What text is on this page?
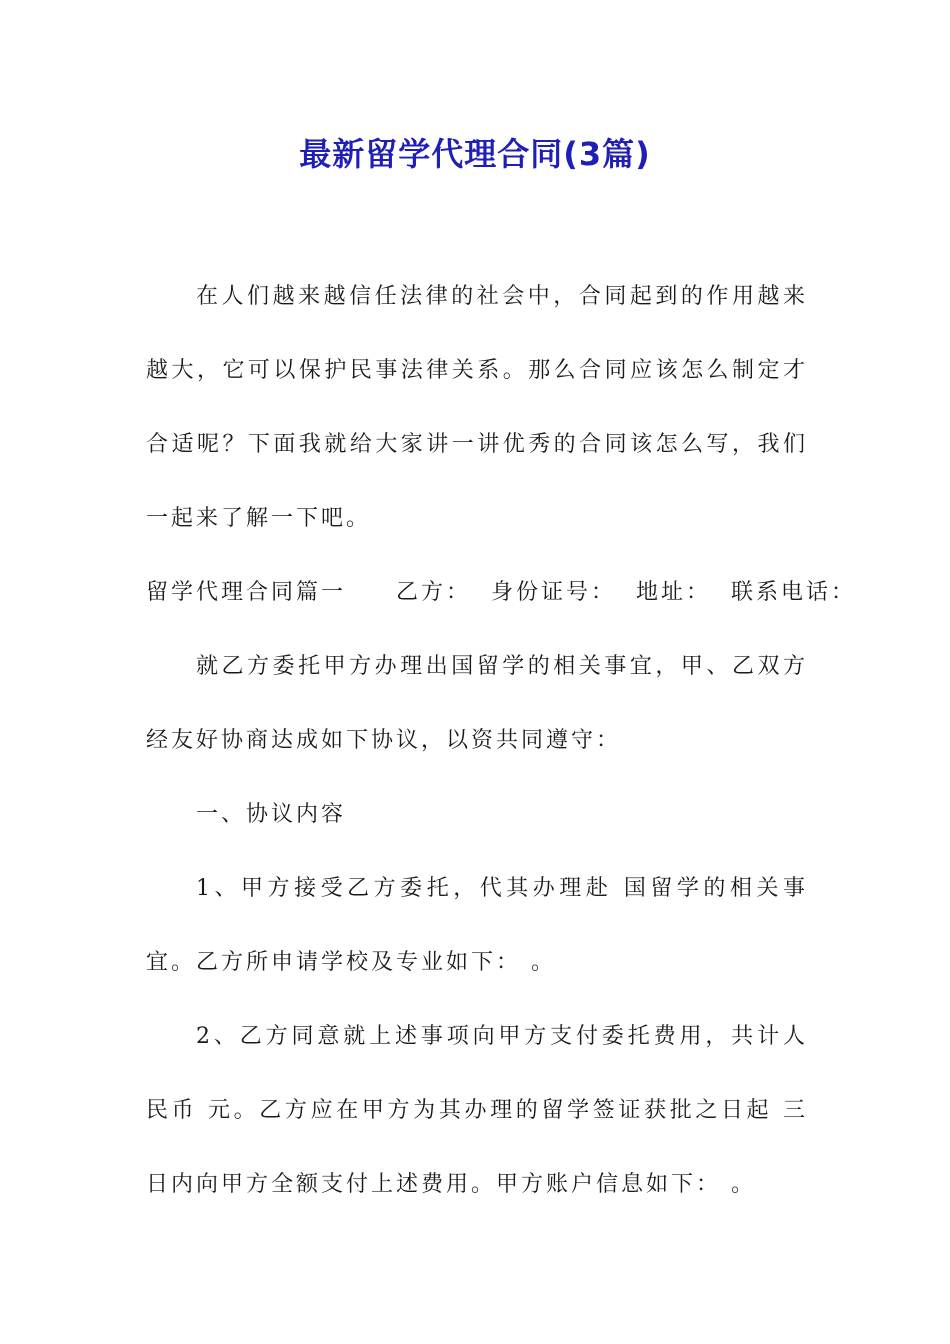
最新留学代理合同(3篇)

在人们越来越信任法律的社会中，合同起到的作用越来越大，它可以保护民事法律关系。那么合同应该怎么制定才合适呢？下面我就给大家讲一讲优秀的合同该怎么写，我们一起来了解一下吧。

留学代理合同篇一　　乙方：  身份证号：  地址：  联系电话：

就乙方委托甲方办理出国留学的相关事宜，甲、乙双方经友好协商达成如下协议，以资共同遵守：

一、协议内容

1、甲方接受乙方委托，代其办理赴 国留学的相关事宜。乙方所申请学校及专业如下： 。

2、乙方同意就上述事项向甲方支付委托费用，共计人民币 元。乙方应在甲方为其办理的留学签证获批之日起 三 日内向甲方全额支付上述费用。甲方账户信息如下： 。
